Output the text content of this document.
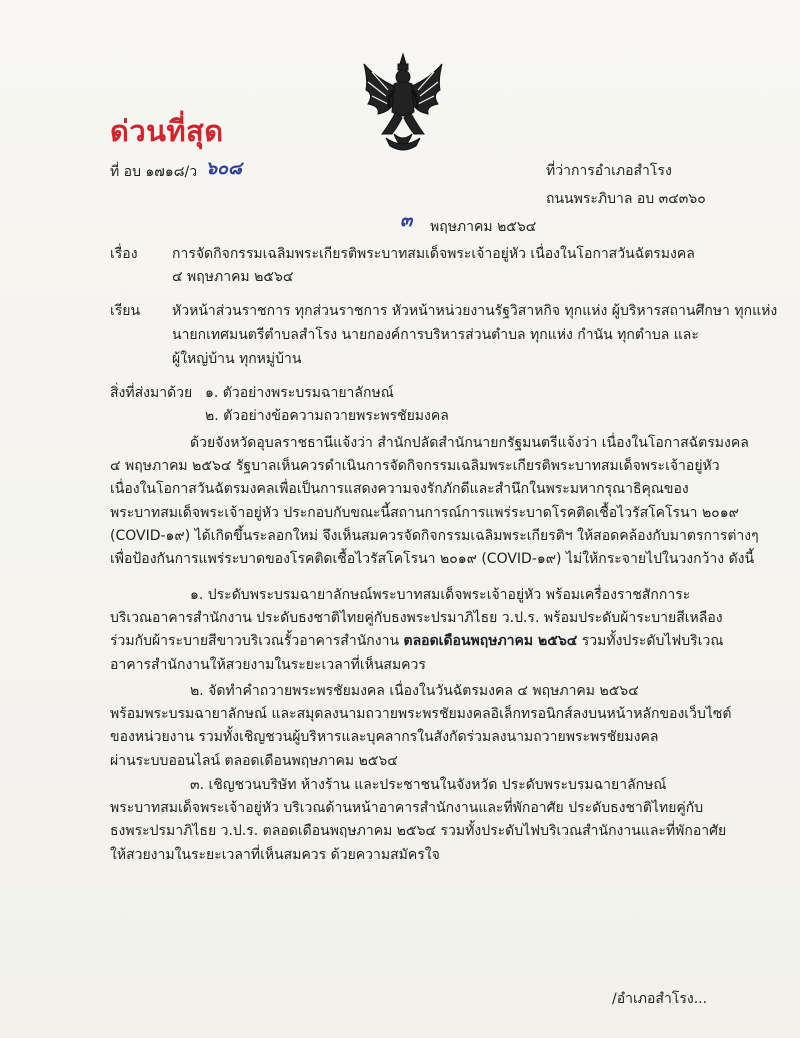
ด่วนที่สุด
ที่ อบ ๑๗๑๘/ว ๖๐๘	ที่ว่าการอำเภอสำโรง
ถนนพระภิบาล อบ ๓๔๓๖๐
๓ พฤษภาคม ๒๕๖๔
เรื่อง การจัดกิจกรรมเฉลิมพระเกียรติพระบาทสมเด็จพระเจ้าอยู่หัว เนื่องในโอกาสวันฉัตรมงคล
๔ พฤษภาคม ๒๕๖๔
เรียน หัวหน้าส่วนราชการ ทุกส่วนราชการ หัวหน้าหน่วยงานรัฐวิสาหกิจ ทุกแห่ง ผู้บริหารสถานศึกษา ทุกแห่ง
นายกเทศมนตรีตำบลสำโรง นายกองค์การบริหารส่วนตำบล ทุกแห่ง กำนัน ทุกตำบล และ
ผู้ใหญ่บ้าน ทุกหมู่บ้าน
สิ่งที่ส่งมาด้วย ๑. ตัวอย่างพระบรมฉายาลักษณ์
๒. ตัวอย่างข้อความถวายพระพรชัยมงคล

ด้วยจังหวัดอุบลราชธานีแจ้งว่า สำนักปลัดสำนักนายกรัฐมนตรีแจ้งว่า เนื่องในโอกาสฉัตรมงคล

๔ พฤษภาคม ๒๕๖๔ รัฐบาลเห็นควรดำเนินการจัดกิจกรรมเฉลิมพระเกียรติพระบาทสมเด็จพระเจ้าอยู่หัว

เนื่องในโอกาสวันฉัตรมงคลเพื่อเป็นการแสดงความจงรักภักดีและสำนึกในพระมหากรุณาธิคุณของ

พระบาทสมเด็จพระเจ้าอยู่หัว ประกอบกับขณะนี้สถานการณ์การแพร่ระบาดโรคติดเชื้อไวรัสโคโรนา ๒๐๑๙

(COVID-๑๙) ได้เกิดขึ้นระลอกใหม่ จึงเห็นสมควรจัดกิจกรรมเฉลิมพระเกียรติฯ ให้สอดคล้องกับมาตรการต่างๆ

เพื่อป้องกันการแพร่ระบาดของโรคติดเชื้อไวรัสโคโรนา ๒๐๑๙ (COVID-๑๙) ไม่ให้กระจายไปในวงกว้าง ดังนี้

๑. ประดับพระบรมฉายาลักษณ์พระบาทสมเด็จพระเจ้าอยู่หัว พร้อมเครื่องราชสักการะ

บริเวณอาคารสำนักงาน ประดับธงชาติไทยคู่กับธงพระปรมาภิไธย ว.ป.ร. พร้อมประดับผ้าระบายสีเหลือง

ร่วมกับผ้าระบายสีขาวบริเวณรั้วอาคารสำนักงาน ตลอดเดือนพฤษภาคม ๒๕๖๔ รวมทั้งประดับไฟบริเวณ

อาคารสำนักงานให้สวยงามในระยะเวลาที่เห็นสมควร

๒. จัดทำคำถวายพระพรชัยมงคล เนื่องในวันฉัตรมงคล ๔ พฤษภาคม ๒๕๖๔

พร้อมพระบรมฉายาลักษณ์ และสมุดลงนามถวายพระพรชัยมงคลอิเล็กทรอนิกส์ลงบนหน้าหลักของเว็บไซต์

ของหน่วยงาน รวมทั้งเชิญชวนผู้บริหารและบุคลากรในสังกัดร่วมลงนามถวายพระพรชัยมงคล

ผ่านระบบออนไลน์ ตลอดเดือนพฤษภาคม ๒๕๖๔

๓. เชิญชวนบริษัท ห้างร้าน และประชาชนในจังหวัด ประดับพระบรมฉายาลักษณ์

พระบาทสมเด็จพระเจ้าอยู่หัว บริเวณด้านหน้าอาคารสำนักงานและที่พักอาศัย ประดับธงชาติไทยคู่กับ

ธงพระปรมาภิไธย ว.ป.ร. ตลอดเดือนพฤษภาคม ๒๕๖๔ รวมทั้งประดับไฟบริเวณสำนักงานและที่พักอาศัย

ให้สวยงามในระยะเวลาที่เห็นสมควร ด้วยความสมัครใจ

/อำเภอสำโรง...
